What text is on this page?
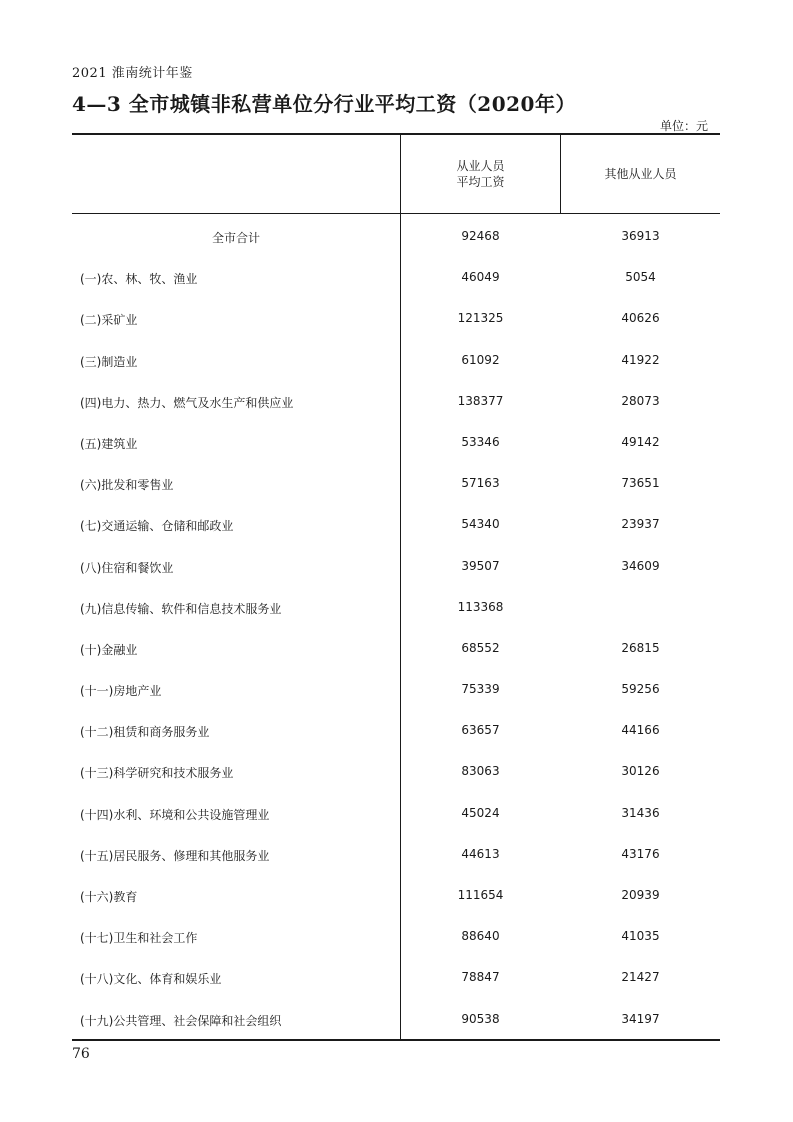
2021 淮南统计年鉴
4—3 全市城镇非私营单位分行业平均工资（2020年）
单位：元
从业人员
平均工资
其他从业人员
全市合计	92468	36913
(一)农、林、牧、渔业	46049	5054
(二)采矿业	121325	40626
(三)制造业	61092	41922
(四)电力、热力、燃气及水生产和供应业	138377	28073
(五)建筑业	53346	49142
(六)批发和零售业	57163	73651
(七)交通运输、仓储和邮政业	54340	23937
(八)住宿和餐饮业	39507	34609
(九)信息传输、软件和信息技术服务业	113368
(十)金融业	68552	26815
(十一)房地产业	75339	59256
(十二)租赁和商务服务业	63657	44166
(十三)科学研究和技术服务业	83063	30126
(十四)水利、环境和公共设施管理业	45024	31436
(十五)居民服务、修理和其他服务业	44613	43176
(十六)教育	111654	20939
(十七)卫生和社会工作	88640	41035
(十八)文化、体育和娱乐业	78847	21427
(十九)公共管理、社会保障和社会组织	90538	34197
76
